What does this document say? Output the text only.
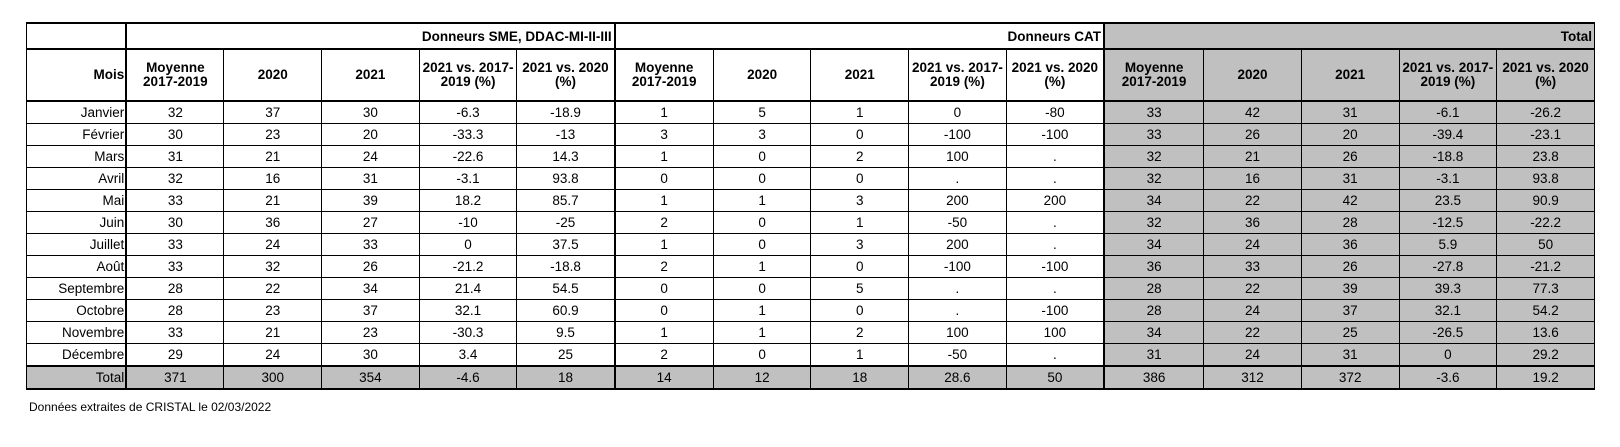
	Donneurs SME, DDAC-MI-II-III					Donneurs CAT					Total				
Mois	Moyenne 2017-2019	2020	2021	2021 vs. 2017-2019 (%)	2021 vs. 2020 (%)	Moyenne 2017-2019	2020	2021	2021 vs. 2017-2019 (%)	2021 vs. 2020 (%)	Moyenne 2017-2019	2020	2021	2021 vs. 2017-2019 (%)	2021 vs. 2020 (%)
Janvier	32	37	30	-6.3	-18.9	1	5	1	0	-80	33	42	31	-6.1	-26.2
Février	30	23	20	-33.3	-13	3	3	0	-100	-100	33	26	20	-39.4	-23.1
Mars	31	21	24	-22.6	14.3	1	0	2	100	.	32	21	26	-18.8	23.8
Avril	32	16	31	-3.1	93.8	0	0	0	.	.	32	16	31	-3.1	93.8
Mai	33	21	39	18.2	85.7	1	1	3	200	200	34	22	42	23.5	90.9
Juin	30	36	27	-10	-25	2	0	1	-50	.	32	36	28	-12.5	-22.2
Juillet	33	24	33	0	37.5	1	0	3	200	.	34	24	36	5.9	50
Août	33	32	26	-21.2	-18.8	2	1	0	-100	-100	36	33	26	-27.8	-21.2
Septembre	28	22	34	21.4	54.5	0	0	5	.	.	28	22	39	39.3	77.3
Octobre	28	23	37	32.1	60.9	0	1	0	.	-100	28	24	37	32.1	54.2
Novembre	33	21	23	-30.3	9.5	1	1	2	100	100	34	22	25	-26.5	13.6
Décembre	29	24	30	3.4	25	2	0	1	-50	.	31	24	31	0	29.2
Total	371	300	354	-4.6	18	14	12	18	28.6	50	386	312	372	-3.6	19.2
Données extraites de CRISTAL le 02/03/2022
